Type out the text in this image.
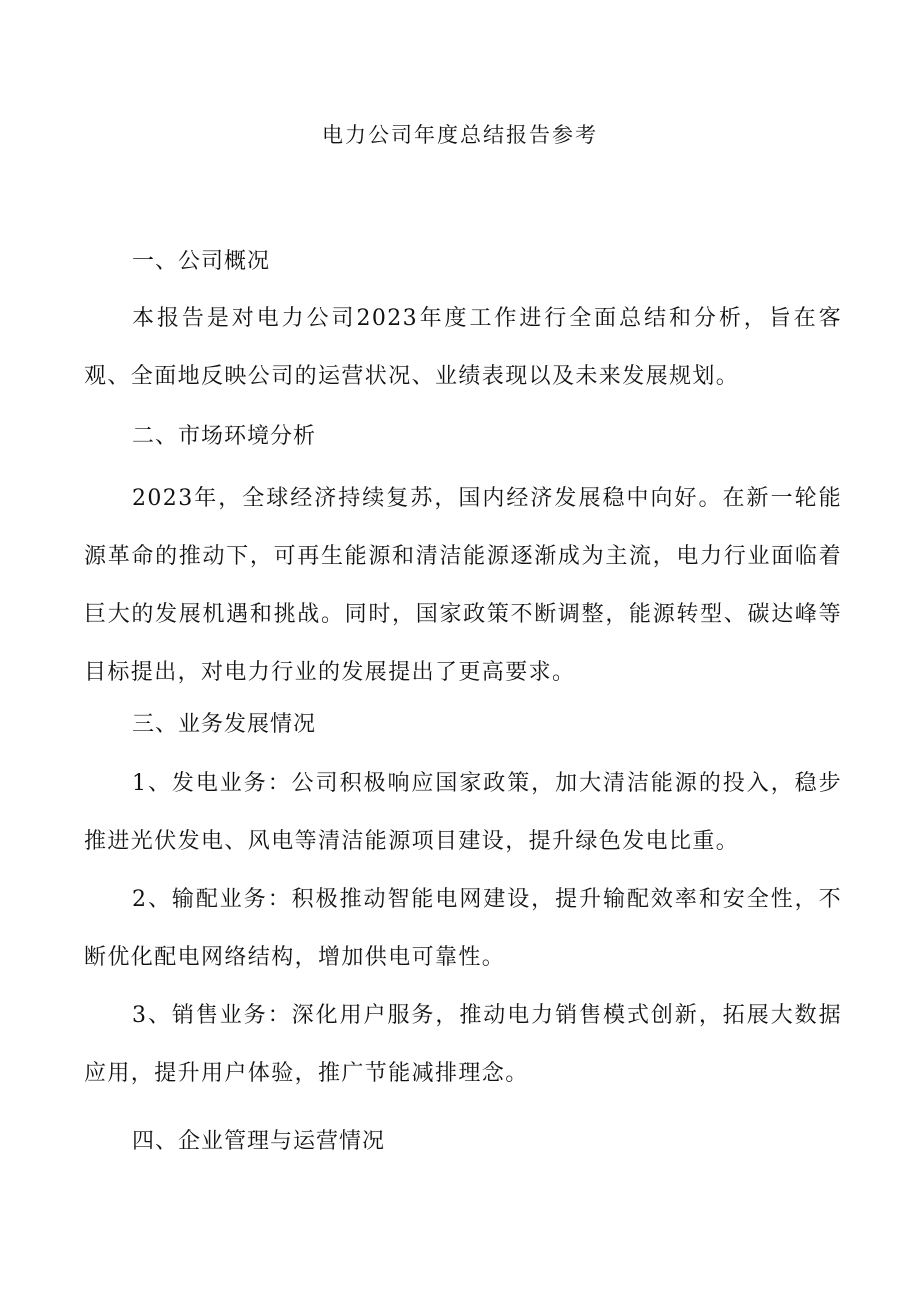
电力公司年度总结报告参考
一、公司概况

本报告是对电力公司2023年度工作进行全面总结和分析，旨在客观、全面地反映公司的运营状况、业绩表现以及未来发展规划。

二、市场环境分析

2023年，全球经济持续复苏，国内经济发展稳中向好。在新一轮能源革命的推动下，可再生能源和清洁能源逐渐成为主流，电力行业面临着巨大的发展机遇和挑战。同时，国家政策不断调整，能源转型、碳达峰等目标提出，对电力行业的发展提出了更高要求。

三、业务发展情况

1、发电业务：公司积极响应国家政策，加大清洁能源的投入，稳步推进光伏发电、风电等清洁能源项目建设，提升绿色发电比重。

2、输配业务：积极推动智能电网建设，提升输配效率和安全性，不断优化配电网络结构，增加供电可靠性。

3、销售业务：深化用户服务，推动电力销售模式创新，拓展大数据应用，提升用户体验，推广节能减排理念。

四、企业管理与运营情况
